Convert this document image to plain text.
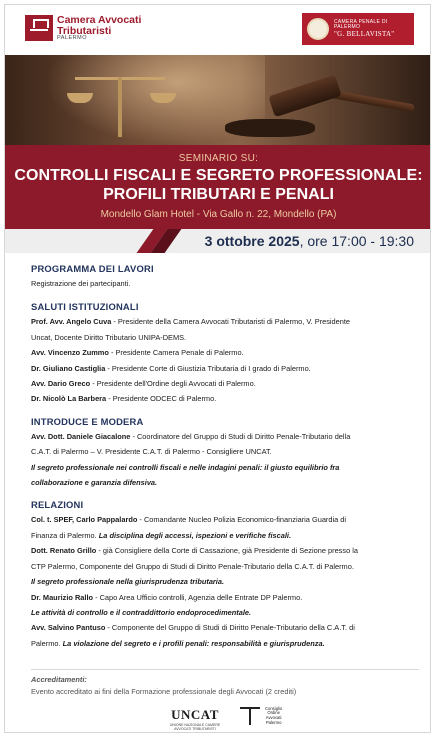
Camera Avvocati
Tributaristi
PALERMO
CAMERA PENALE DI PALERMO
"G. BELLAVISTA"
SEMINARIO SU:
CONTROLLI FISCALI E SEGRETO PROFESSIONALE:
PROFILI TRIBUTARI E PENALI
Mondello Glam Hotel - Via Gallo n. 22, Mondello (PA)
3 ottobre 2025, ore 17:00 - 19:30
PROGRAMMA DEI LAVORI
Registrazione dei partecipanti.
SALUTI ISTITUZIONALI
Prof. Avv. Angelo Cuva - Presidente della Camera Avvocati Tributaristi di Palermo, V. Presidente
Uncat, Docente Diritto Tributario UNIPA-DEMS.
Avv. Vincenzo Zummo - Presidente Camera Penale di Palermo.
Dr. Giuliano Castiglia - Presidente Corte di Giustizia Tributaria di I grado di Palermo.
Avv. Dario Greco - Presidente dell'Ordine degli Avvocati di Palermo.
Dr. Nicolò La Barbera - Presidente ODCEC di Palermo.
INTRODUCE E MODERA
Avv. Dott. Daniele Giacalone - Coordinatore del Gruppo di Studi di Diritto Penale-Tributario della
C.A.T. di Palermo – V. Presidente C.A.T. di Palermo - Consigliere UNCAT.
Il segreto professionale nei controlli fiscali e nelle indagini penali: il giusto equilibrio fra
collaborazione e garanzia difensiva.
RELAZIONI
Col. t. SPEF, Carlo Pappalardo - Comandante Nucleo Polizia Economico-finanziaria Guardia di
Finanza di Palermo. La disciplina degli accessi, ispezioni e verifiche fiscali.
Dott. Renato Grillo - già Consigliere della Corte di Cassazione, già Presidente di Sezione presso la
CTP Palermo, Componente del Gruppo di Studi di Diritto Penale-Tributario della C.A.T. di Palermo.
Il segreto professionale nella giurisprudenza tributaria.
Dr. Maurizio Rallo - Capo Area Ufficio controlli, Agenzia delle Entrate DP Palermo.
Le attività di controllo e il contraddittorio endoprocedimentale.
Avv. Salvino Pantuso - Componente del Gruppo di Studi di Diritto Penale-Tributario della C.A.T. di
Palermo. La violazione del segreto e i profili penali: responsabilità e giurisprudenza.
Accreditamenti:
Evento accreditato ai fini della Formazione professionale degli Avvocati (2 crediti)
UNCAT
UNIONE NAZIONALE CAMERE AVVOCATI TRIBUTARISTI
Consiglio
Ordine
Avvocati
Palermo
